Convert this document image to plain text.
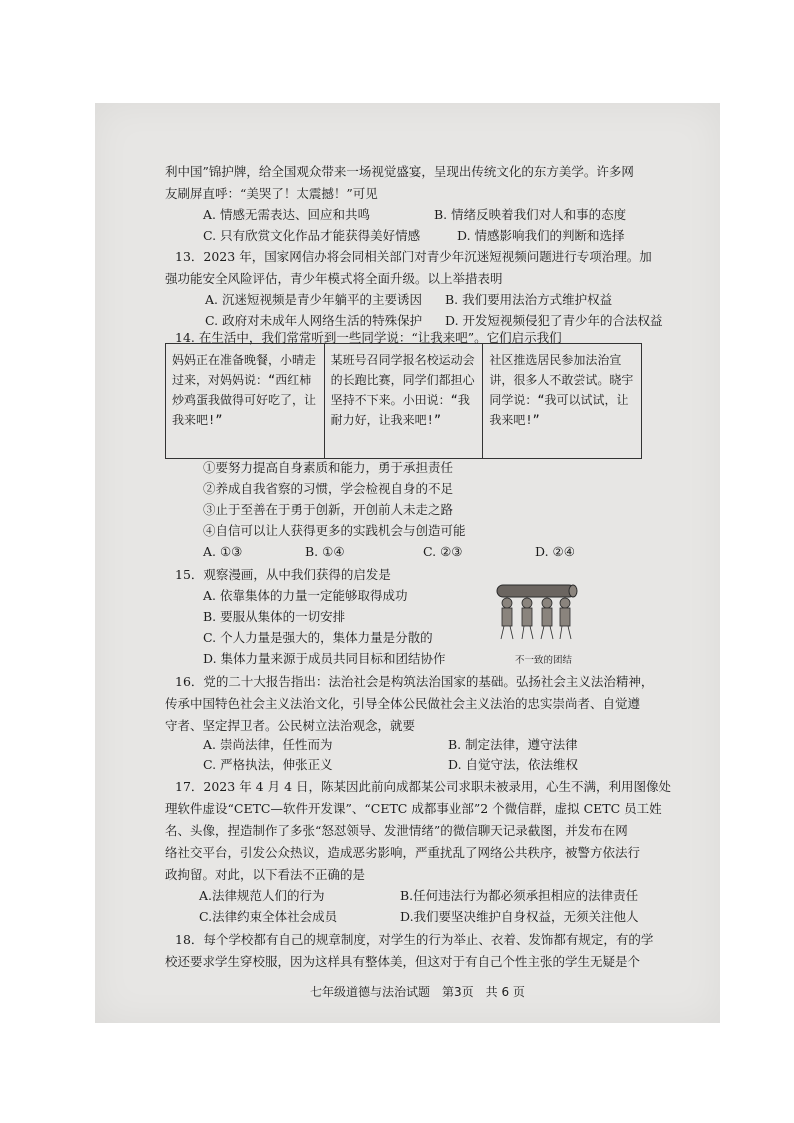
利中国”锦护牌，给全国观众带来一场视觉盛宴，呈现出传统文化的东方美学。许多网
友刷屏直呼：“美哭了！太震撼！”可见
A. 情感无需表达、回应和共鸣	B. 情绪反映着我们对人和事的态度
C. 只有欣赏文化作品才能获得美好情感	D. 情感影响我们的判断和选择
13．2023 年，国家网信办将会同相关部门对青少年沉迷短视频问题进行专项治理。加
强功能安全风险评估，青少年模式将全面升级。以上举措表明
A. 沉迷短视频是青少年躺平的主要诱因 B. 我们要用法治方式维护权益
C. 政府对未成年人网络生活的特殊保护 D. 开发短视频侵犯了青少年的合法权益
14. 在生活中，我们常常听到一些同学说：“让我来吧”。它们启示我们
妈妈正在准备晚餐，小晴走过来，对妈妈说：“西红柿炒鸡蛋我做得可好吃了，让我来吧!”	某班号召同学报名校运动会的长跑比赛，同学们都担心坚持不下来。小田说：“我耐力好，让我来吧!”	社区推选居民参加法治宣讲，很多人不敢尝试。晓宇同学说：“我可以试试，让我来吧!”
①要努力提高自身素质和能力，勇于承担责任
②养成自我省察的习惯，学会检视自身的不足
③止于至善在于勇于创新，开创前人未走之路
④自信可以让人获得更多的实践机会与创造可能
A. ①③	B. ①④	C. ②③	D. ②④
15．观察漫画，从中我们获得的启发是
A. 依靠集体的力量一定能够取得成功
B. 要服从集体的一切安排
C. 个人力量是强大的，集体力量是分散的
D. 集体力量来源于成员共同目标和团结协作	不一致的团结
16．党的二十大报告指出：法治社会是构筑法治国家的基础。弘扬社会主义法治精神，
传承中国特色社会主义法治文化，引导全体公民做社会主义法治的忠实崇尚者、自觉遵
守者、坚定捍卫者。公民树立法治观念，就要
A. 崇尚法律，任性而为	B. 制定法律，遵守法律
C. 严格执法，伸张正义	D. 自觉守法，依法维权
17．2023 年 4 月 4 日，陈某因此前向成都某公司求职未被录用，心生不满，利用图像处
理软件虚设“CETC—软件开发课”、“CETC 成都事业部”2 个微信群，虚拟 CETC 员工姓
名、头像，捏造制作了多张“怒怼领导、发泄情绪”的微信聊天记录截图，并发布在网
络社交平台，引发公众热议，造成恶劣影响，严重扰乱了网络公共秩序，被警方依法行
政拘留。对此，以下看法不正确的是
A.法律规范人们的行为	B.任何违法行为都必须承担相应的法律责任
C.法律约束全体社会成员	D.我们要坚决维护自身权益，无须关注他人
18．每个学校都有自己的规章制度，对学生的行为举止、衣着、发饰都有规定，有的学
校还要求学生穿校服，因为这样具有整体美，但这对于有自己个性主张的学生无疑是个
七年级道德与法治试题　第3页　共 6 页
